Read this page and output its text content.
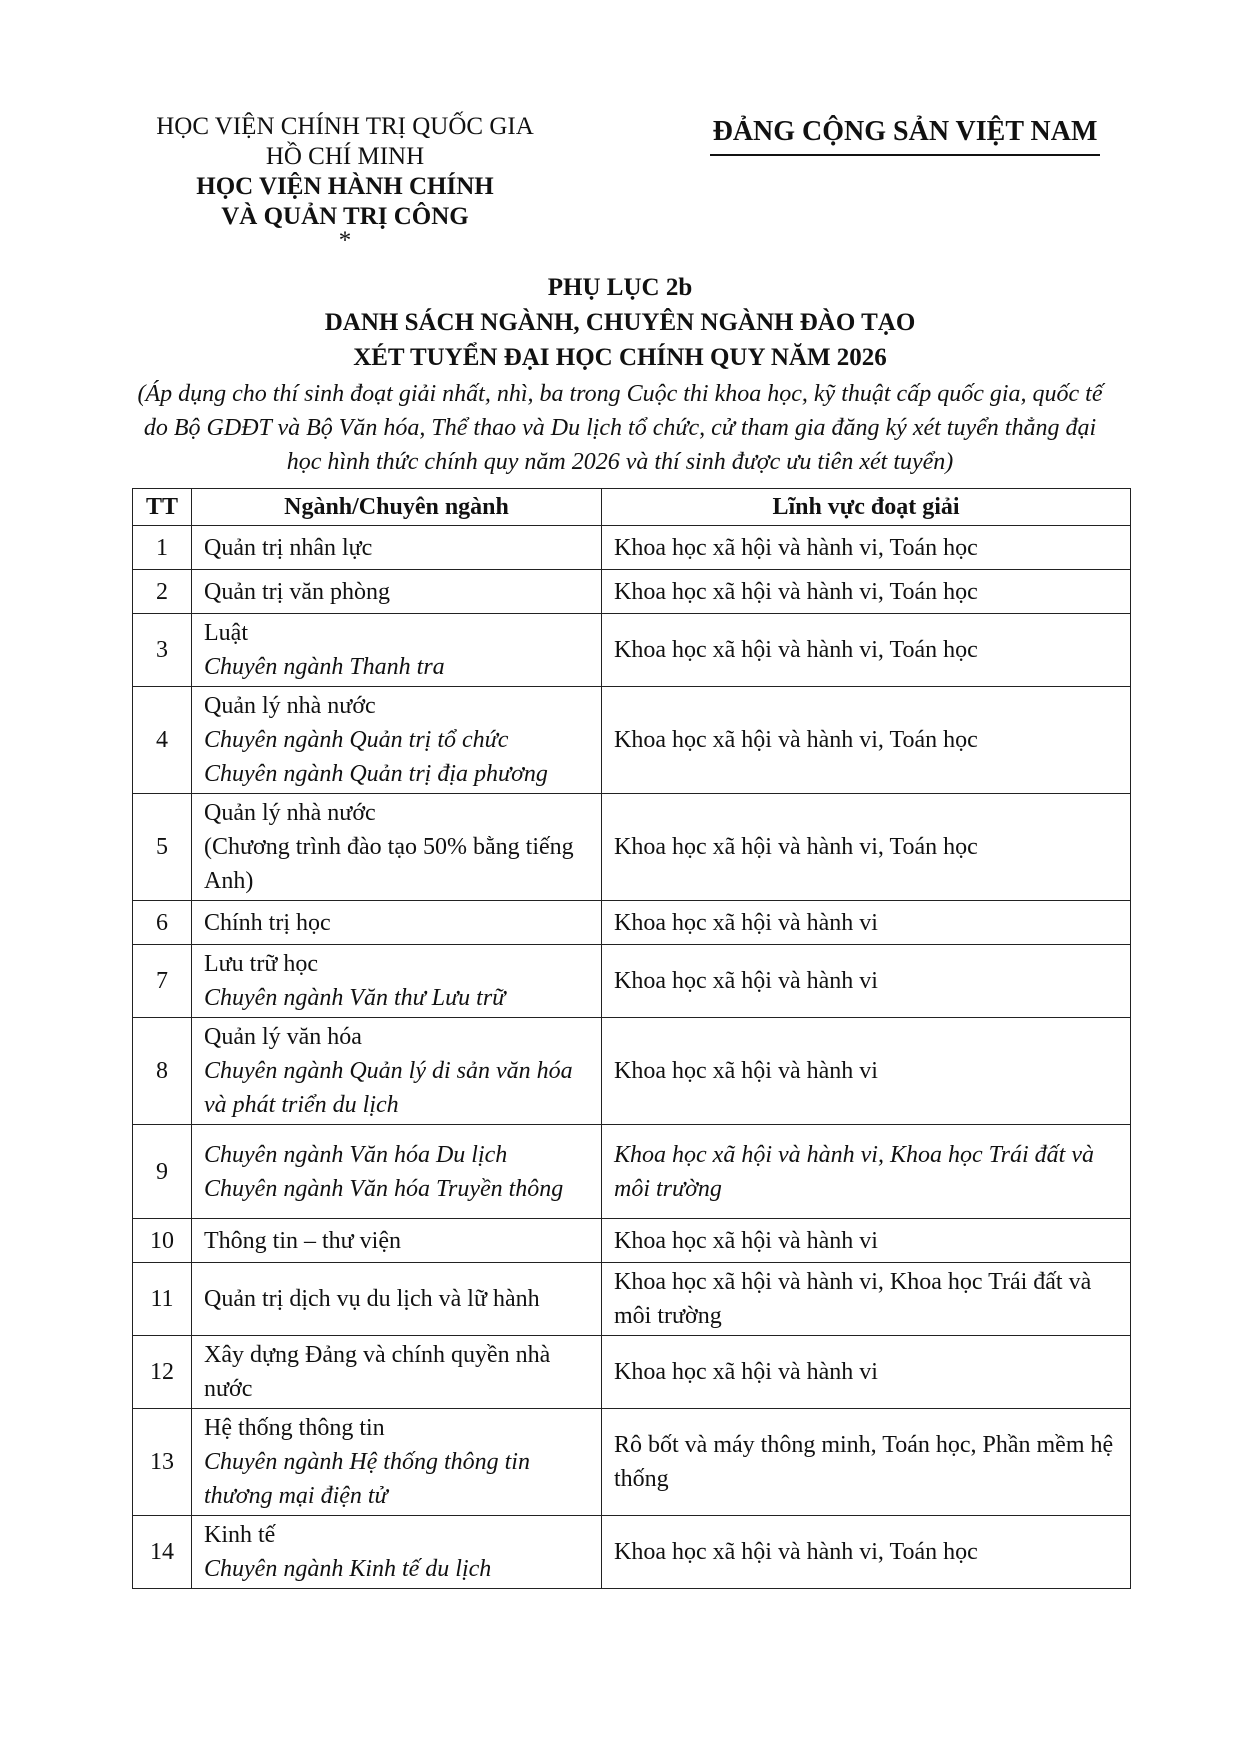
HỌC VIỆN CHÍNH TRỊ QUỐC GIA
HỒ CHÍ MINH
HỌC VIỆN HÀNH CHÍNH
VÀ QUẢN TRỊ CÔNG
*
ĐẢNG CỘNG SẢN VIỆT NAM
PHỤ LỤC 2b
DANH SÁCH NGÀNH, CHUYÊN NGÀNH ĐÀO TẠO
XÉT TUYỂN ĐẠI HỌC CHÍNH QUY NĂM 2026
(Áp dụng cho thí sinh đoạt giải nhất, nhì, ba trong Cuộc thi khoa học, kỹ thuật cấp quốc gia, quốc tế do Bộ GDĐT và Bộ Văn hóa, Thể thao và Du lịch tổ chức, cử tham gia đăng ký xét tuyển thẳng đại học hình thức chính quy năm 2026 và thí sinh được ưu tiên xét tuyển)
TT	Ngành/Chuyên ngành	Lĩnh vực đoạt giải
1	Quản trị nhân lực	Khoa học xã hội và hành vi, Toán học
2	Quản trị văn phòng	Khoa học xã hội và hành vi, Toán học
3	Luật
Chuyên ngành Thanh tra	Khoa học xã hội và hành vi, Toán học
4	Quản lý nhà nước
Chuyên ngành Quản trị tổ chức
Chuyên ngành Quản trị địa phương	Khoa học xã hội và hành vi, Toán học
5	Quản lý nhà nước
(Chương trình đào tạo 50% bằng tiếng Anh)	Khoa học xã hội và hành vi, Toán học
6	Chính trị học	Khoa học xã hội và hành vi
7	Lưu trữ học
Chuyên ngành Văn thư Lưu trữ	Khoa học xã hội và hành vi
8	Quản lý văn hóa
Chuyên ngành Quản lý di sản văn hóa và phát triển du lịch	Khoa học xã hội và hành vi
9	Chuyên ngành Văn hóa Du lịch
Chuyên ngành Văn hóa Truyền thông	Khoa học xã hội và hành vi, Khoa học Trái đất và môi trường
10	Thông tin – thư viện	Khoa học xã hội và hành vi
11	Quản trị dịch vụ du lịch và lữ hành	Khoa học xã hội và hành vi, Khoa học Trái đất và môi trường
12	Xây dựng Đảng và chính quyền nhà nước	Khoa học xã hội và hành vi
13	Hệ thống thông tin
Chuyên ngành Hệ thống thông tin thương mại điện tử	Rô bốt và máy thông minh, Toán học, Phần mềm hệ thống
14	Kinh tế
Chuyên ngành Kinh tế du lịch	Khoa học xã hội và hành vi, Toán học
